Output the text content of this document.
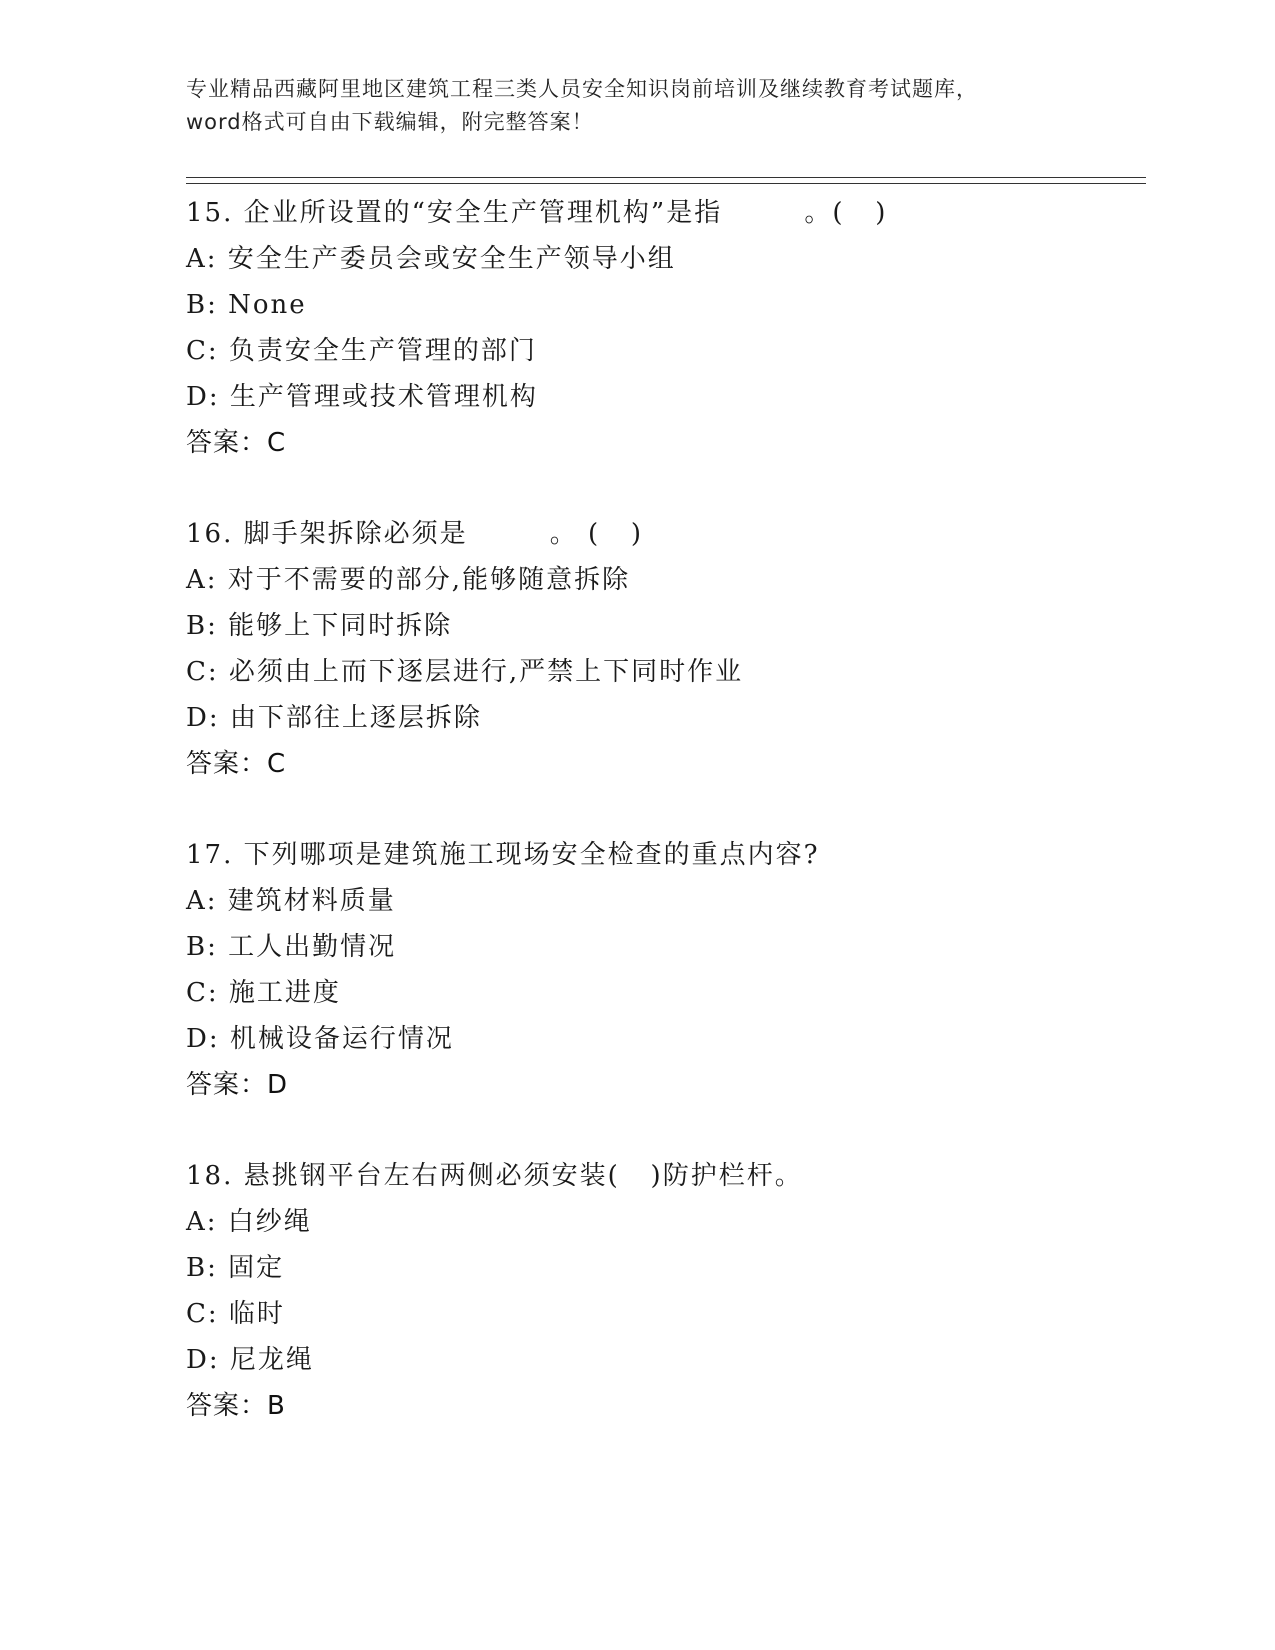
专业精品西藏阿里地区建筑工程三类人员安全知识岗前培训及继续教育考试题库，
word格式可自由下载编辑，附完整答案！
15. 企业所设置的“安全生产管理机构”是指        。(   )
A: 安全生产委员会或安全生产领导小组
B: None
C: 负责安全生产管理的部门
D: 生产管理或技术管理机构
答案：C
16. 脚手架拆除必须是        。 (   )
A: 对于不需要的部分,能够随意拆除
B: 能够上下同时拆除
C: 必须由上而下逐层进行,严禁上下同时作业
D: 由下部往上逐层拆除
答案：C
17. 下列哪项是建筑施工现场安全检查的重点内容?
A: 建筑材料质量
B: 工人出勤情况
C: 施工进度
D: 机械设备运行情况
答案：D
18. 悬挑钢平台左右两侧必须安装(   )防护栏杆。
A: 白纱绳
B: 固定
C: 临时
D: 尼龙绳
答案：B
